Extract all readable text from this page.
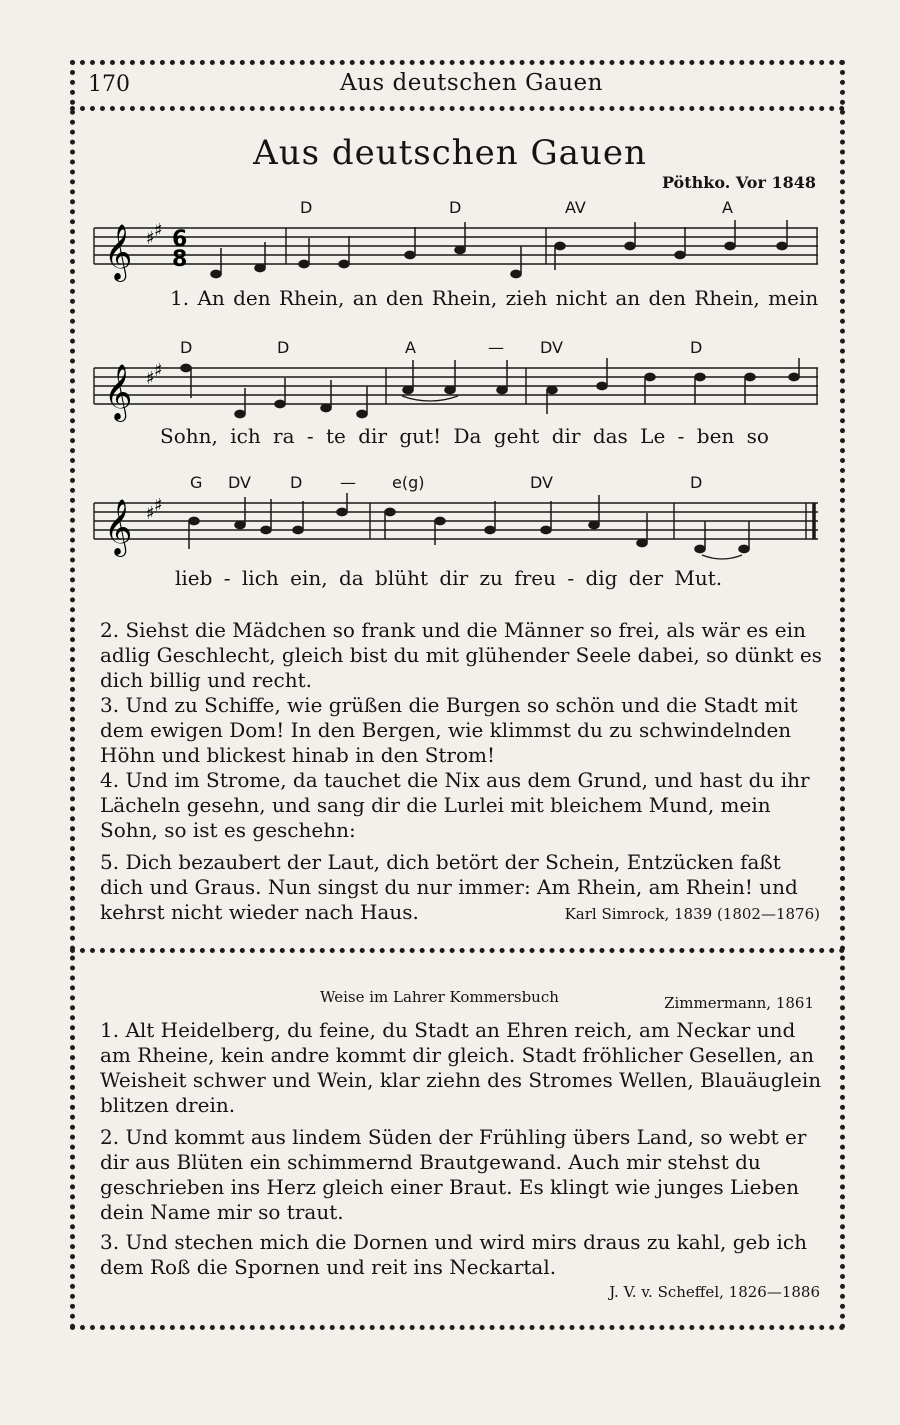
170	Aus deutschen Gauen
Aus deutschen Gauen
Pöthko. Vor 1848
D	D	AV	A
𝄞 ♯ ♯ 6
8
1. An den Rhein, an den Rhein, zieh nicht an den Rhein, mein
D	D	A	— DV	D
𝄞 ♯ ♯
Sohn, ich ra - te dir gut! Da geht dir das Le - ben so
G DV D — e(g)	DV	D
𝄞 ♯ ♯
lieb - lich ein, da blüht dir zu freu - dig der Mut.
2. Siehst die Mädchen so frank und die Männer so frei, als wär es ein adlig Geschlecht, gleich bist du mit glühender Seele dabei, so dünkt es dich billig und recht.
3. Und zu Schiffe, wie grüßen die Burgen so schön und die Stadt mit dem ewigen Dom! In den Bergen, wie klimmst du zu schwindelnden Höhn und blickest hinab in den Strom!
4. Und im Strome, da tauchet die Nix aus dem Grund, und hast du ihr Lächeln gesehn, und sang dir die Lurlei mit bleichem Mund, mein Sohn, so ist es geschehn:
5. Dich bezaubert der Laut, dich betört der Schein, Entzücken faßt dich und Graus. Nun singst du nur immer: Am Rhein, am Rhein! und kehrst nicht wieder nach Haus.	Karl Simrock, 1839 (1802—1876)
Weise im Lahrer Kommersbuch	Zimmermann, 1861
1. Alt Heidelberg, du feine, du Stadt an Ehren reich, am Neckar und am Rheine, kein andre kommt dir gleich. Stadt fröhlicher Gesellen, an Weisheit schwer und Wein, klar ziehn des Stromes Wellen, Blauäuglein blitzen drein.
2. Und kommt aus lindem Süden der Frühling übers Land, so webt er dir aus Blüten ein schimmernd Brautgewand. Auch mir stehst du geschrieben ins Herz gleich einer Braut. Es klingt wie junges Lieben dein Name mir so traut.
3. Und stechen mich die Dornen und wird mirs draus zu kahl, geb ich dem Roß die Spornen und reit ins Neckartal.
J. V. v. Scheffel, 1826—1886
